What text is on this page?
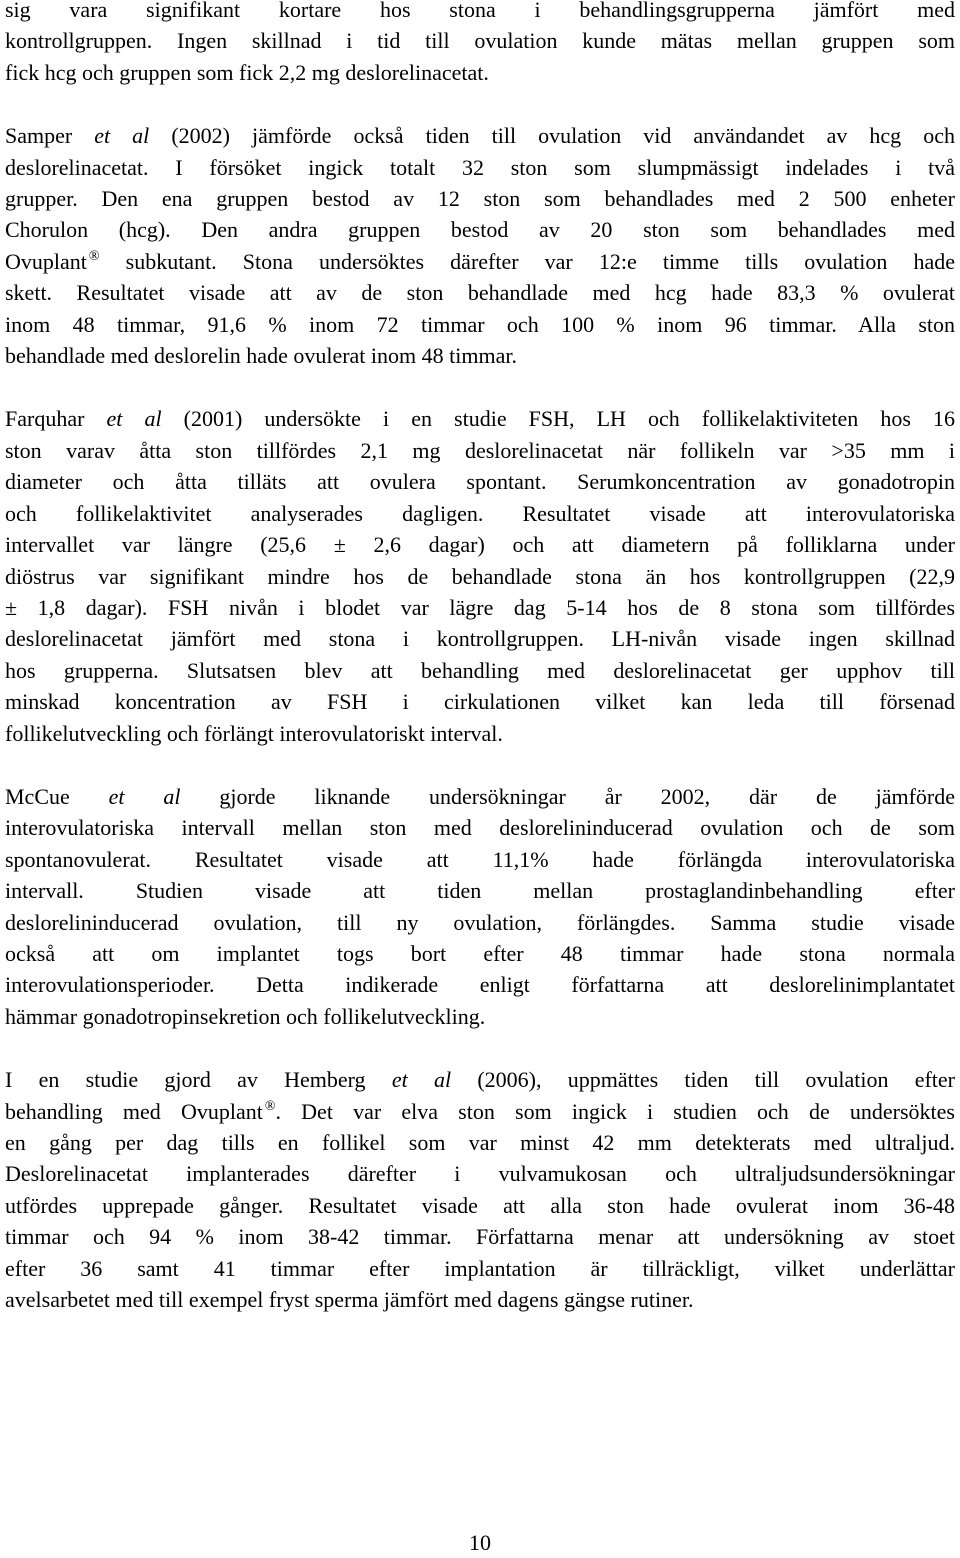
sig vara signifikant kortare hos stona i behandlingsgrupperna jämfört med
kontrollgruppen. Ingen skillnad i tid till ovulation kunde mätas mellan gruppen som
fick hcg och gruppen som fick 2,2 mg deslorelinacetat.

Samper et al (2002) jämförde också tiden till ovulation vid användandet av hcg och
deslorelinacetat. I försöket ingick totalt 32 ston som slumpmässigt indelades i två
grupper. Den ena gruppen bestod av 12 ston som behandlades med 2 500 enheter
Chorulon (hcg). Den andra gruppen bestod av 20 ston som behandlades med
Ovuplant ® subkutant. Stona undersöktes därefter var 12:e timme tills ovulation hade
skett. Resultatet visade att av de ston behandlade med hcg hade 83,3 % ovulerat
inom 48 timmar, 91,6 % inom 72 timmar och 100 % inom 96 timmar. Alla ston
behandlade med deslorelin hade ovulerat inom 48 timmar.

Farquhar et al (2001) undersökte i en studie FSH, LH och follikelaktiviteten hos 16
ston varav åtta ston tillfördes 2,1 mg deslorelinacetat när follikeln var >35 mm i
diameter och åtta tilläts att ovulera spontant. Serumkoncentration av gonadotropin
och follikelaktivitet analyserades dagligen. Resultatet visade att interovulatoriska
intervallet var längre (25,6 ± 2,6 dagar) och att diametern på folliklarna under
diöstrus var signifikant mindre hos de behandlade stona än hos kontrollgruppen (22,9
± 1,8 dagar). FSH nivån i blodet var lägre dag 5-14 hos de 8 stona som tillfördes
deslorelinacetat jämfört med stona i kontrollgruppen. LH-nivån visade ingen skillnad
hos grupperna. Slutsatsen blev att behandling med deslorelinacetat ger upphov till
minskad koncentration av FSH i cirkulationen vilket kan leda till försenad
follikelutveckling och förlängt interovulatoriskt interval.

McCue et al gjorde liknande undersökningar år 2002, där de jämförde
interovulatoriska intervall mellan ston med deslorelininducerad ovulation och de som
spontanovulerat. Resultatet visade att 11,1% hade förlängda interovulatoriska
intervall. Studien visade att tiden mellan prostaglandinbehandling efter
deslorelininducerad ovulation, till ny ovulation, förlängdes. Samma studie visade
också att om implantet togs bort efter 48 timmar hade stona normala
interovulationsperioder. Detta indikerade enligt författarna att deslorelinimplantatet
hämmar gonadotropinsekretion och follikelutveckling.

I en studie gjord av Hemberg et al (2006), uppmättes tiden till ovulation efter
behandling med Ovuplant ®. Det var elva ston som ingick i studien och de undersöktes
en gång per dag tills en follikel som var minst 42 mm detekterats med ultraljud.
Deslorelinacetat implanterades därefter i vulvamukosan och ultraljudsundersökningar
utfördes upprepade gånger. Resultatet visade att alla ston hade ovulerat inom 36-48
timmar och 94 % inom 38-42 timmar. Författarna menar att undersökning av stoet
efter 36 samt 41 timmar efter implantation är tillräckligt, vilket underlättar
avelsarbetet med till exempel fryst sperma jämfört med dagens gängse rutiner.

10
